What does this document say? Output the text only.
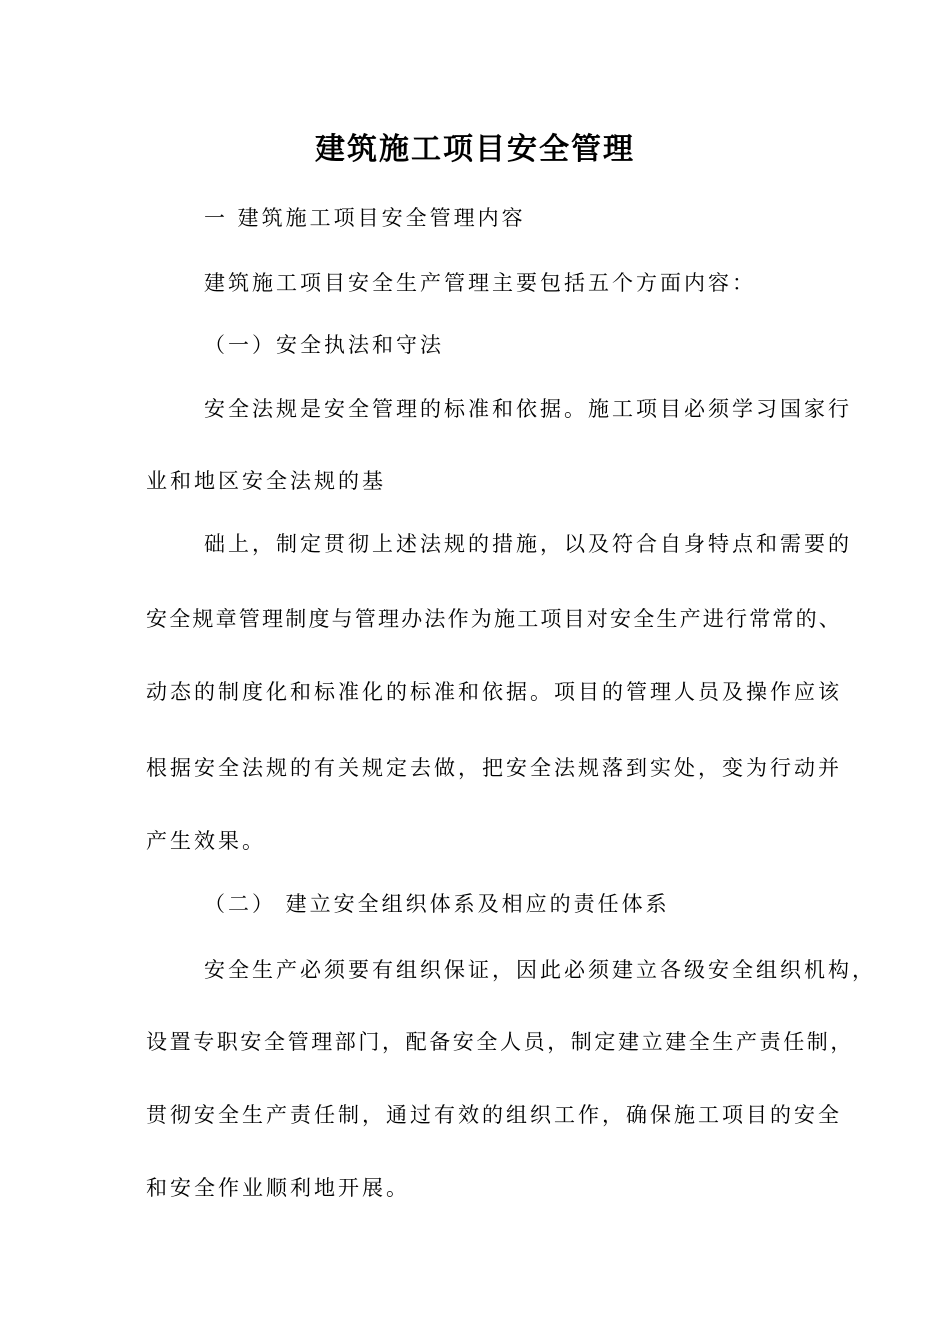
建筑施工项目安全管理
一 建筑施工项目安全管理内容
建筑施工项目安全生产管理主要包括五个方面内容：
（一）安全执法和守法
安全法规是安全管理的标准和依据。施工项目必须学习国家行
业和地区安全法规的基
础上，制定贯彻上述法规的措施，以及符合自身特点和需要的
安全规章管理制度与管理办法作为施工项目对安全生产进行常常的、
动态的制度化和标准化的标准和依据。项目的管理人员及操作应该
根据安全法规的有关规定去做，把安全法规落到实处，变为行动并
产生效果。
（二） 建立安全组织体系及相应的责任体系
安全生产必须要有组织保证，因此必须建立各级安全组织机构，
设置专职安全管理部门，配备安全人员，制定建立建全生产责任制，
贯彻安全生产责任制，通过有效的组织工作，确保施工项目的安全
和安全作业顺利地开展。
